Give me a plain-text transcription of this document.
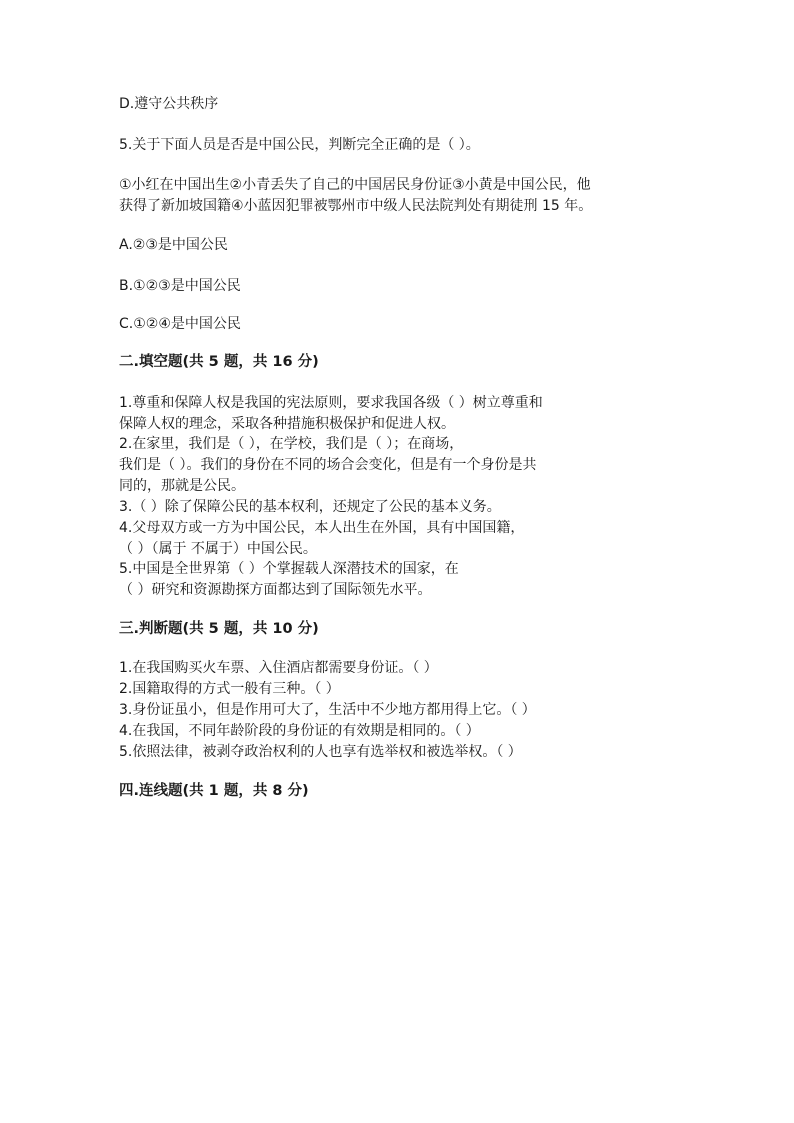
D.遵守公共秩序
5.关于下面人员是否是中国公民，判断完全正确的是（ ）。
①小红在中国出生②小青丢失了自己的中国居民身份证③小黄是中国公民，他
获得了新加坡国籍④小蓝因犯罪被鄂州市中级人民法院判处有期徒刑 15 年。
A.②③是中国公民
B.①②③是中国公民
C.①②④是中国公民
二.填空题(共 5 题，共 16 分)
1.尊重和保障人权是我国的宪法原则，要求我国各级（ ）树立尊重和
保障人权的理念，采取各种措施积极保护和促进人权。
2.在家里，我们是（ ），在学校，我们是（ ）；在商场，
我们是（ ）。我们的身份在不同的场合会变化，但是有一个身份是共
同的，那就是公民。
3.（ ）除了保障公民的基本权利，还规定了公民的基本义务。
4.父母双方或一方为中国公民，本人出生在外国，具有中国国籍，
（ ）（属于 不属于）中国公民。
5.中国是全世界第（ ）个掌握载人深潜技术的国家，在
（ ）研究和资源勘探方面都达到了国际领先水平。
三.判断题(共 5 题，共 10 分)
1.在我国购买火车票、入住酒店都需要身份证。（ ）
2.国籍取得的方式一般有三种。（ ）
3.身份证虽小，但是作用可大了，生活中不少地方都用得上它。（ ）
4.在我国，不同年龄阶段的身份证的有效期是相同的。（ ）
5.依照法律，被剥夺政治权利的人也享有选举权和被选举权。（ ）
四.连线题(共 1 题，共 8 分)
